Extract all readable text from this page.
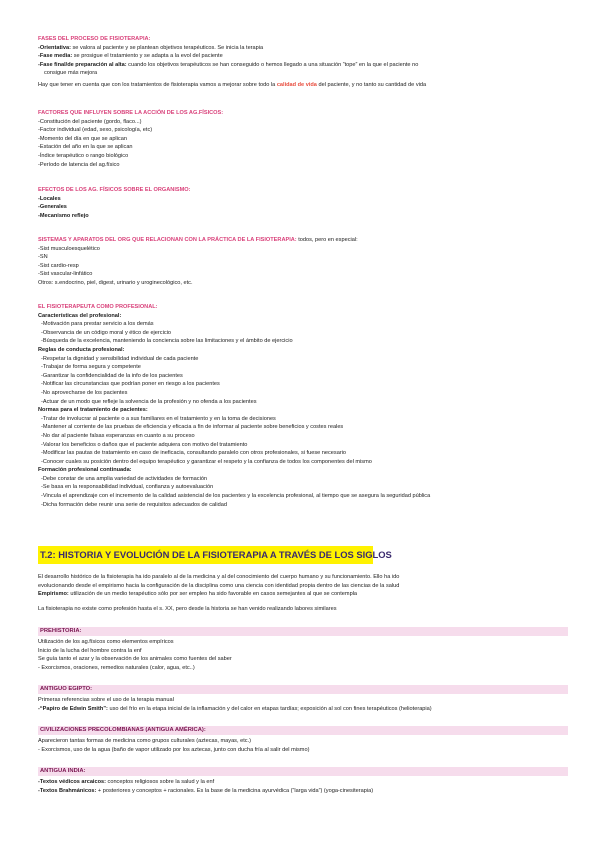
FASES DEL PROCESO DE FISIOTERAPIA:
-Orientativa: se valora al paciente y se plantean objetivos terapéuticos. Se inicia la terapia
-Fase media: se prosigue el tratamiento y se adapta a la evol del paciente
-Fase final/de preparación al alta: cuando los objetivos terapéuticos se han conseguido o hemos llegado a una situación “tope” en la que el paciente no
consigue más mejora
Hay que tener en cuenta que con los tratamientos de fisioterapia vamos a mejorar sobre todo la calidad de vida del paciente, y no tanto su cantidad de vida
FACTORES QUE INFLUYEN SOBRE LA ACCIÓN DE LOS AG.FÍSICOS:
-Constitución del paciente (gordo, flaco...)
-Factor individual (edad, sexo, psicología, etc)
-Momento del día en que se aplican
-Estación del año en la que se aplican
-Índice terapéutico o rango biológico
-Período de latencia del ag.físico
EFECTOS DE LOS AG. FÍSICOS SOBRE EL ORGANISMO:
-Locales
-Generales
-Mecanismo reflejo
SISTEMAS Y APARATOS DEL ORG QUE RELACIONAN CON LA PRÁCTICA DE LA FISIOTERAPIA: todos, pero en especial:
-Sist musculoesquelético
-SN
-Sist cardio-resp
-Sist vascular-linfático
Otros: s.endocrino, piel, digest, urinario y uroginecológico, etc.
EL FISIOTERAPEUTA COMO PROFESIONAL:
Características del profesional:
-Motivación para prestar servicio a los demás
-Observancia de un código moral y ético de ejercicio
-Búsqueda de la excelencia, manteniendo la conciencia sobre las limitaciones y el ámbito de ejercicio
Reglas de conducta profesional:
-Respetar la dignidad y sensibilidad individual de cada paciente
-Trabajar de forma segura y competente
-Garantizar la confidencialidad de la info de los pacientes
-Notificar las circunstancias que podrían poner en riesgo a los pacientes
-No aprovecharse de los pacientes
-Actuar de un modo que refleje la solvencia de la profesión y no ofenda a los pacientes
Normas para el tratamiento de pacientes:
-Tratar de involucrar al paciente o a sus familiares en el tratamiento y en la toma de decisiones
-Mantener al corriente de las pruebas de eficiencia y eficacia a fin de informar al paciente sobre beneficios y costes reales
-No dar al paciente falsas esperanzas en cuanto a su proceso
-Valorar los beneficios o daños que el paciente adquiera con motivo del tratamiento
-Modificar las pautas de tratamiento en caso de ineficacia, consultando paralelo con otros profesionales, si fuese necesario
-Conocer cuales su posición dentro del equipo terapéutico y garantizar el respeto y la confianza de todos los componentes del mismo
Formación profesional continuada:
-Debe constar de una amplia variedad de actividades de formación
-Se basa en la responsabilidad individual, confianza y autoevaluación
-Vincula el aprendizaje con el incremento de la calidad asistencial de los pacientes y la excelencia profesional, al tiempo que se asegura la seguridad pública
-Dicha formación debe reunir una serie de requisitos adecuados de calidad
T.2: HISTORIA Y EVOLUCIÓN DE LA FISIOTERAPIA A TRAVÉS DE LOS SIGLOS
El desarrollo histórico de la fisioterapia ha ido paralelo al de la medicina y al del conocimiento del cuerpo humano y su funcionamiento. Ello ha ido
evolucionando desde el empirismo hacia la configuración de la disciplina como una ciencia con identidad propia dentro de las ciencias de la salud
Empirismo: utilización de un medio terapéutico sólo por ser empleo ha sido favorable en casos semejantes al que se contempla
La fisioterapia no existe como profesión hasta el s. XX, pero desde la historia se han venido realizando labores similares
PREHISTORIA:
Utilización de los ag.físicos como elementos empíricos
Inicio de la lucha del hombre contra la enf
Se guía tanto el azar y la observación de los animales como fuentes del saber
- Exorcismos, oraciones, remedios naturales (calor, agua, etc..)
ANTIGUO EGIPTO:
Primeras referencias sobre el uso de la terapia manual
-“Papiro de Edwin Smith”: uso del frío en la etapa inicial de la inflamación y del calor en etapas tardías; exposición al sol con fines terapéuticos (helioterapia)
CIVILIZACIONES PRECOLOMBIANAS (ANTIGUA AMÉRICA):
Aparecieron tantas formas de medicina como grupos culturales (aztecas, mayas, etc.)
- Exorcismos, uso de la agua (baño de vapor utilizado por los aztecas, junto con ducha fría al salir del mismo)
ANTIGUA INDIA:
-Textos védicos arcaicos: conceptos religiosos sobre la salud y la enf
-Textos Brahmánicos: + posteriores y conceptos + racionales. Es la base de la medicina ayurvédica (“larga vida”) (yoga-cinesiterapia)
